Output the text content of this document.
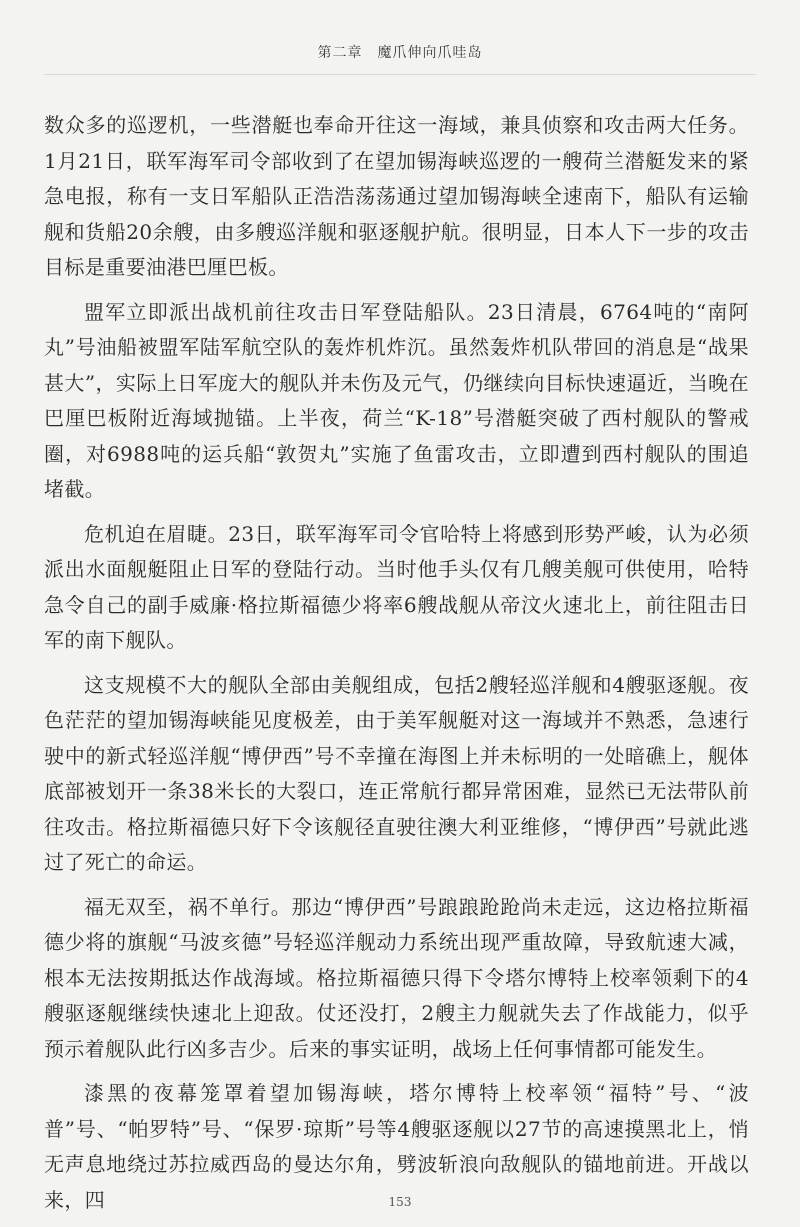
第二章　魔爪伸向爪哇岛

数众多的巡逻机，一些潜艇也奉命开往这一海域，兼具侦察和攻击两大任务。1月21日，联军海军司令部收到了在望加锡海峡巡逻的一艘荷兰潜艇发来的紧急电报，称有一支日军船队正浩浩荡荡通过望加锡海峡全速南下，船队有运输舰和货船20余艘，由多艘巡洋舰和驱逐舰护航。很明显，日本人下一步的攻击目标是重要油港巴厘巴板。

盟军立即派出战机前往攻击日军登陆船队。23日清晨，6764吨的“南阿丸”号油船被盟军陆军航空队的轰炸机炸沉。虽然轰炸机队带回的消息是“战果甚大”，实际上日军庞大的舰队并未伤及元气，仍继续向目标快速逼近，当晚在巴厘巴板附近海域抛锚。上半夜，荷兰“K-18”号潜艇突破了西村舰队的警戒圈，对6988吨的运兵船“敦贺丸”实施了鱼雷攻击，立即遭到西村舰队的围追堵截。

危机迫在眉睫。23日，联军海军司令官哈特上将感到形势严峻，认为必须派出水面舰艇阻止日军的登陆行动。当时他手头仅有几艘美舰可供使用，哈特急令自己的副手威廉·格拉斯福德少将率6艘战舰从帝汶火速北上，前往阻击日军的南下舰队。

这支规模不大的舰队全部由美舰组成，包括2艘轻巡洋舰和4艘驱逐舰。夜色茫茫的望加锡海峡能见度极差，由于美军舰艇对这一海域并不熟悉，急速行驶中的新式轻巡洋舰“博伊西”号不幸撞在海图上并未标明的一处暗礁上，舰体底部被划开一条38米长的大裂口，连正常航行都异常困难，显然已无法带队前往攻击。格拉斯福德只好下令该舰径直驶往澳大利亚维修，“博伊西”号就此逃过了死亡的命运。

福无双至，祸不单行。那边“博伊西”号踉踉跄跄尚未走远，这边格拉斯福德少将的旗舰“马波亥德”号轻巡洋舰动力系统出现严重故障，导致航速大减，根本无法按期抵达作战海域。格拉斯福德只得下令塔尔博特上校率领剩下的4艘驱逐舰继续快速北上迎敌。仗还没打，2艘主力舰就失去了作战能力，似乎预示着舰队此行凶多吉少。后来的事实证明，战场上任何事情都可能发生。

漆黑的夜幕笼罩着望加锡海峡，塔尔博特上校率领“福特”号、“波普”号、“帕罗特”号、“保罗·琼斯”号等4艘驱逐舰以27节的高速摸黑北上，悄无声息地绕过苏拉威西岛的曼达尔角，劈波斩浪向敌舰队的锚地前进。开战以来，四	153
